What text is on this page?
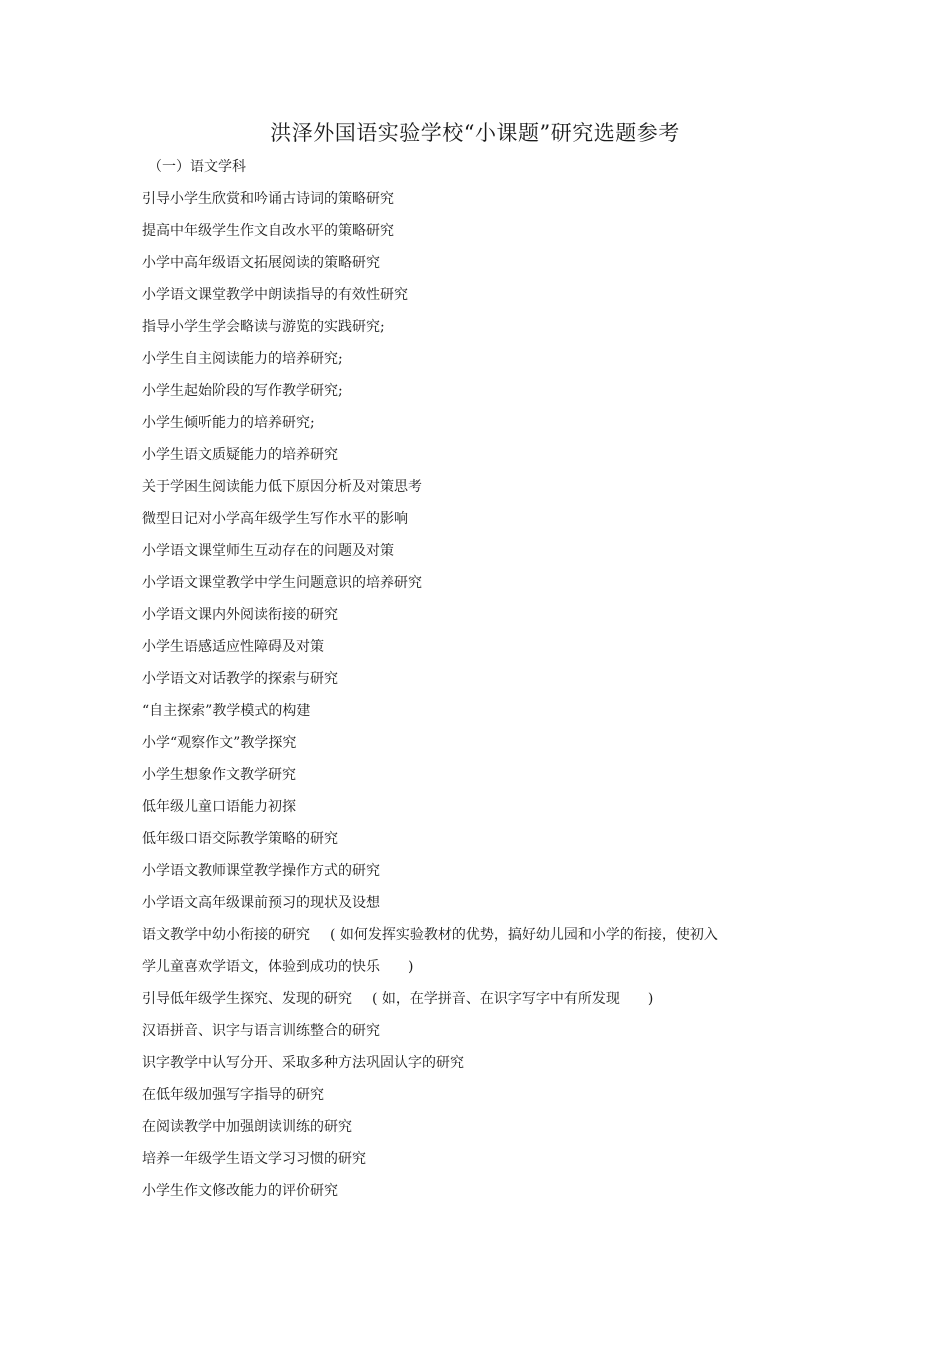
洪泽外国语实验学校“小课题”研究选题参考
（一）语文学科
引导小学生欣赏和吟诵古诗词的策略研究
提高中年级学生作文自改水平的策略研究
小学中高年级语文拓展阅读的策略研究
小学语文课堂教学中朗读指导的有效性研究
指导小学生学会略读与游览的实践研究;
小学生自主阅读能力的培养研究;
小学生起始阶段的写作教学研究;
小学生倾听能力的培养研究;
小学生语文质疑能力的培养研究
关于学困生阅读能力低下原因分析及对策思考
微型日记对小学高年级学生写作水平的影响
小学语文课堂师生互动存在的问题及对策
小学语文课堂教学中学生问题意识的培养研究
小学语文课内外阅读衔接的研究
小学生语感适应性障碍及对策
小学语文对话教学的探索与研究
“自主探索”教学模式的构建
小学“观察作文”教学探究
小学生想象作文教学研究
低年级儿童口语能力初探
低年级口语交际教学策略的研究
小学语文教师课堂教学操作方式的研究
小学语文高年级课前预习的现状及设想
语文教学中幼小衔接的研究 ( 如何发挥实验教材的优势，搞好幼儿园和小学的衔接，使初入
学儿童喜欢学语文，体验到成功的快乐 )
引导低年级学生探究、发现的研究 ( 如，在学拼音、在识字写字中有所发现 )
汉语拼音、识字与语言训练整合的研究
识字教学中认写分开、采取多种方法巩固认字的研究
在低年级加强写字指导的研究
在阅读教学中加强朗读训练的研究
培养一年级学生语文学习习惯的研究
小学生作文修改能力的评价研究
